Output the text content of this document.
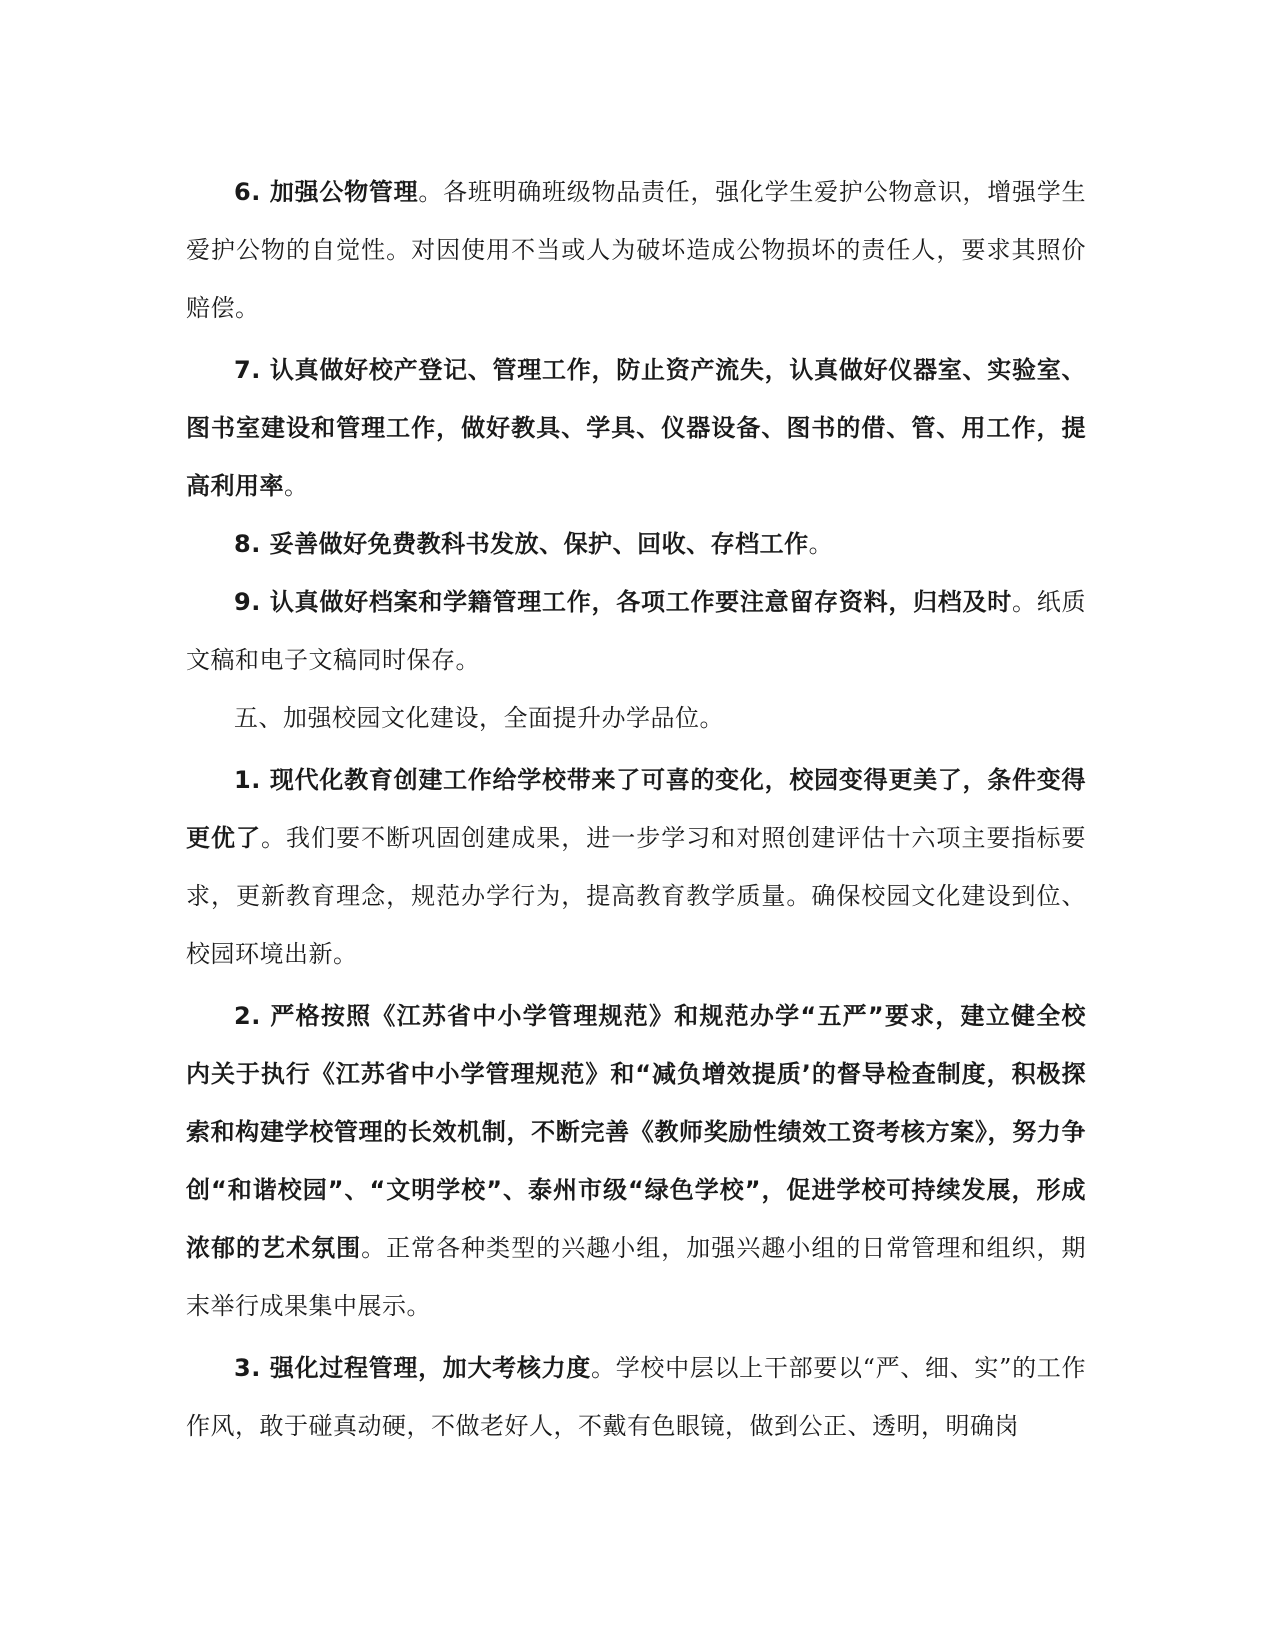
6. 加强公物管理。各班明确班级物品责任，强化学生爱护公物意识，增强学生爱护公物的自觉性。对因使用不当或人为破坏造成公物损坏的责任人，要求其照价赔偿。

7. 认真做好校产登记、管理工作，防止资产流失，认真做好仪器室、实验室、图书室建设和管理工作，做好教具、学具、仪器设备、图书的借、管、用工作，提高利用率。

8. 妥善做好免费教科书发放、保护、回收、存档工作。

9. 认真做好档案和学籍管理工作，各项工作要注意留存资料，归档及时。纸质文稿和电子文稿同时保存。

五、加强校园文化建设，全面提升办学品位。

1. 现代化教育创建工作给学校带来了可喜的变化，校园变得更美了，条件变得更优了。我们要不断巩固创建成果，进一步学习和对照创建评估十六项主要指标要求，更新教育理念，规范办学行为，提高教育教学质量。确保校园文化建设到位、校园环境出新。

2. 严格按照《江苏省中小学管理规范》和规范办学“五严”要求，建立健全校内关于执行《江苏省中小学管理规范》和“减负增效提质’的督导检查制度，积极探索和构建学校管理的长效机制，不断完善《教师奖励性绩效工资考核方案》，努力争创“和谐校园”、“文明学校”、泰州市级“绿色学校”，促进学校可持续发展，形成浓郁的艺术氛围。正常各种类型的兴趣小组，加强兴趣小组的日常管理和组织，期末举行成果集中展示。

3. 强化过程管理，加大考核力度。学校中层以上干部要以“严、细、实”的工作作风，敢于碰真动硬，不做老好人，不戴有色眼镜，做到公正、透明，明确岗
